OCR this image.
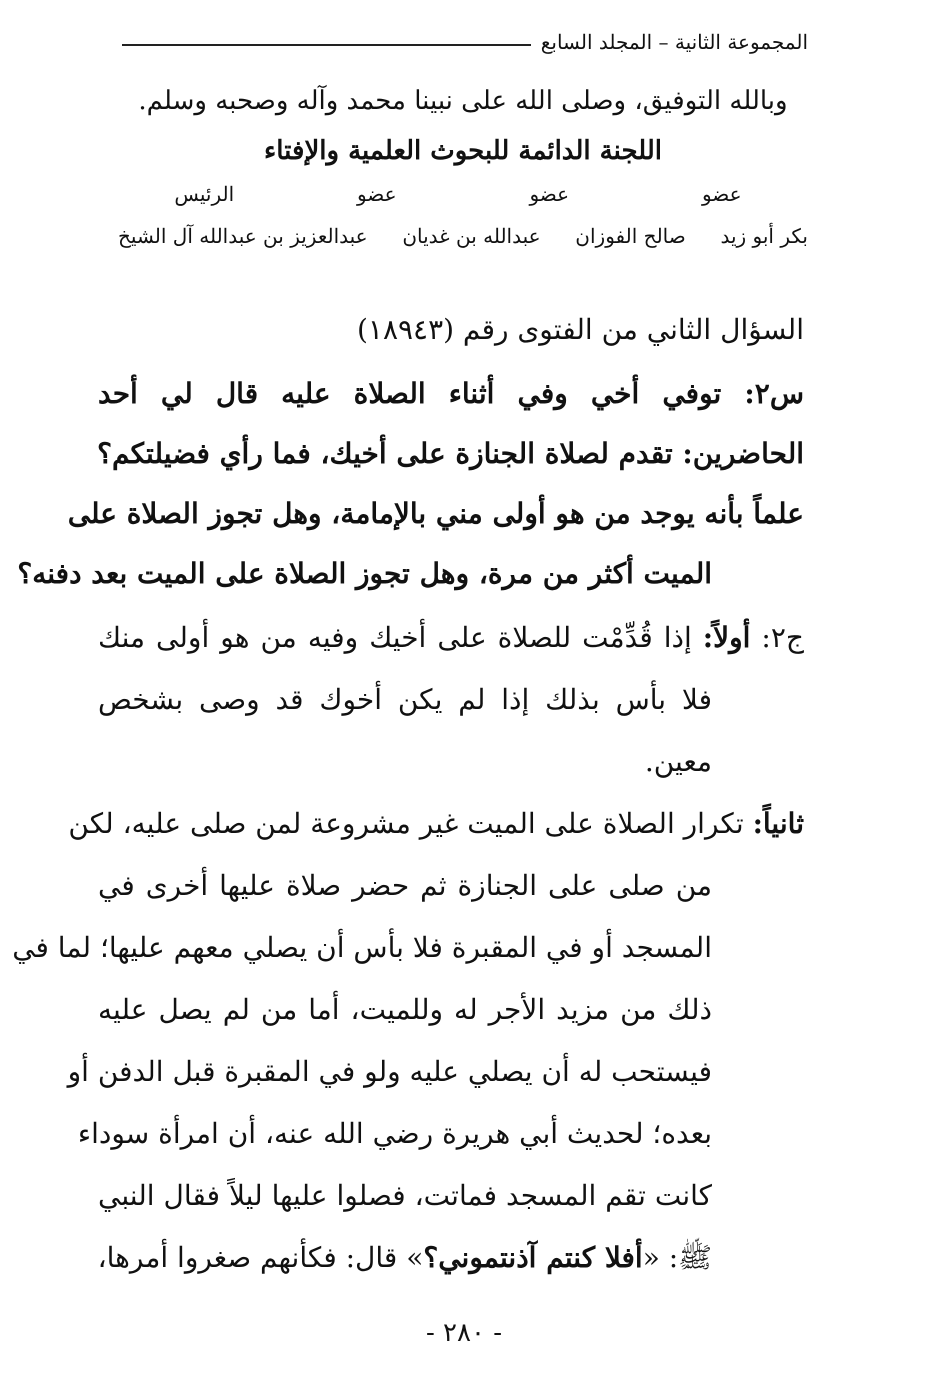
المجموعة الثانية – المجلد السابع
وبالله التوفيق، وصلى الله على نبينا محمد وآله وصحبه وسلم.
اللجنة الدائمة للبحوث العلمية والإفتاء
عضو
عضو
عضو
الرئيس
بكر أبو زيد
صالح الفوزان
عبدالله بن غديان
عبدالعزيز بن عبدالله آل الشيخ
السؤال الثاني من الفتوى رقم (١٨٩٤٣)
س٢: توفي أخي وفي أثناء الصلاة عليه قال لي أحد
الحاضرين: تقدم لصلاة الجنازة على أخيك، فما رأي فضيلتكم؟
علماً بأنه يوجد من هو أولى مني بالإمامة، وهل تجوز الصلاة على
الميت أكثر من مرة، وهل تجوز الصلاة على الميت بعد دفنه؟
ج٢: أولاً: إذا قُدِّمْت للصلاة على أخيك وفيه من هو أولى منك
فلا بأس بذلك إذا لم يكن أخوك قد وصى بشخص
معين.
ثانياً: تكرار الصلاة على الميت غير مشروعة لمن صلى عليه، لكن
من صلى على الجنازة ثم حضر صلاة عليها أخرى في
المسجد أو في المقبرة فلا بأس أن يصلي معهم عليها؛ لما في
ذلك من مزيد الأجر له وللميت، أما من لم يصل عليه
فيستحب له أن يصلي عليه ولو في المقبرة قبل الدفن أو
بعده؛ لحديث أبي هريرة رضي الله عنه، أن امرأة سوداء
كانت تقم المسجد فماتت، فصلوا عليها ليلاً فقال النبي
ﷺ: «أفلا كنتم آذنتموني؟» قال: فكأنهم صغروا أمرها،
- ٢٨٠ -
